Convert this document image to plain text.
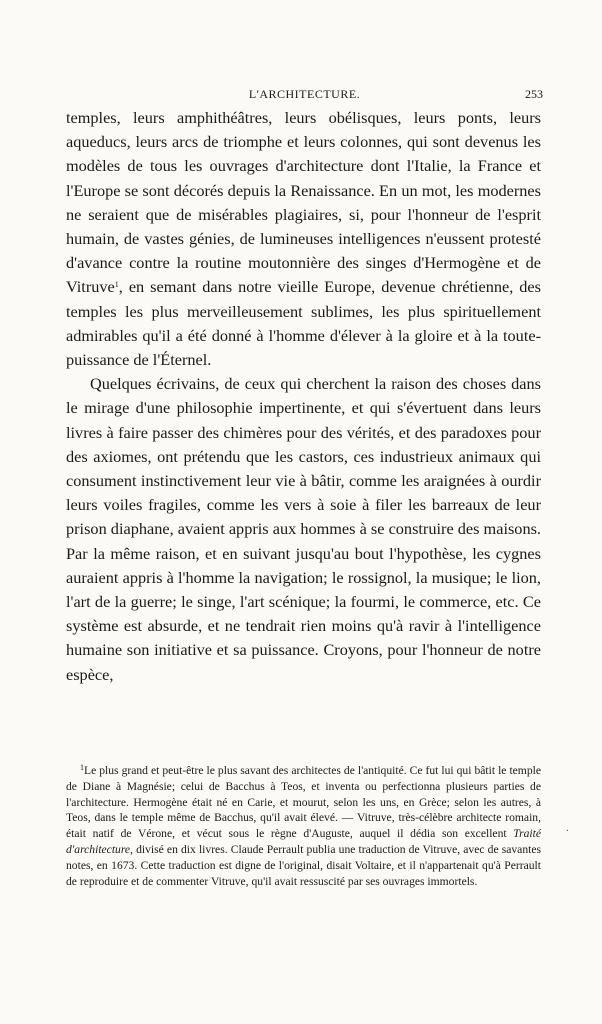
L'ARCHITECTURE.	253

temples, leurs amphithéâtres, leurs obélisques, leurs ponts, leurs aqueducs, leurs arcs de triomphe et leurs colonnes, qui sont devenus les modèles de tous les ouvrages d'architecture dont l'Italie, la France et l'Europe se sont décorés depuis la Renaissance. En un mot, les modernes ne seraient que de misérables plagiaires, si, pour l'honneur de l'esprit humain, de vastes génies, de lumineuses intelligences n'eussent protesté d'avance contre la routine moutonnière des singes d'Hermogène et de Vitruve$^1$, en semant dans notre vieille Europe, devenue chrétienne, des temples les plus merveilleusement sublimes, les plus spirituellement admirables qu'il a été donné à l'homme d'élever à la gloire et à la toute-puissance de l'Éternel.

Quelques écrivains, de ceux qui cherchent la raison des choses dans le mirage d'une philosophie impertinente, et qui s'évertuent dans leurs livres à faire passer des chimères pour des vérités, et des paradoxes pour des axiomes, ont prétendu que les castors, ces industrieux animaux qui consument instinctivement leur vie à bâtir, comme les araignées à ourdir leurs voiles fragiles, comme les vers à soie à filer les barreaux de leur prison diaphane, avaient appris aux hommes à se construire des maisons. Par la même raison, et en suivant jusqu'au bout l'hypothèse, les cygnes auraient appris à l'homme la navigation; le rossignol, la musique; le lion, l'art de la guerre; le singe, l'art scénique; la fourmi, le commerce, etc. Ce système est absurde, et ne tendrait rien moins qu'à ravir à l'intelligence humaine son initiative et sa puissance. Croyons, pour l'honneur de notre espèce,

$^1$Le plus grand et peut-être le plus savant des architectes de l'antiquité. Ce fut lui qui bâtit le temple de Diane à Magnésie; celui de Bacchus à Teos, et inventa ou perfectionna plusieurs parties de l'architecture. Hermogène était né en Carie, et mourut, selon les uns, en Grèce; selon les autres, à Teos, dans le temple même de Bacchus, qu'il avait élevé. — Vitruve, très-célèbre architecte romain, était natif de Vérone, et vécut sous le règne d'Auguste, auquel il dédia son excellent Traité d'architecture, divisé en dix livres. Claude Perrault publia une traduction de Vitruve, avec de savantes notes, en 1673. Cette traduction est digne de l'original, disait Voltaire, et il n'appartenait qu'à Perrault de reproduire et de commenter Vitruve, qu'il avait ressuscité par ses ouvrages immortels.

.
